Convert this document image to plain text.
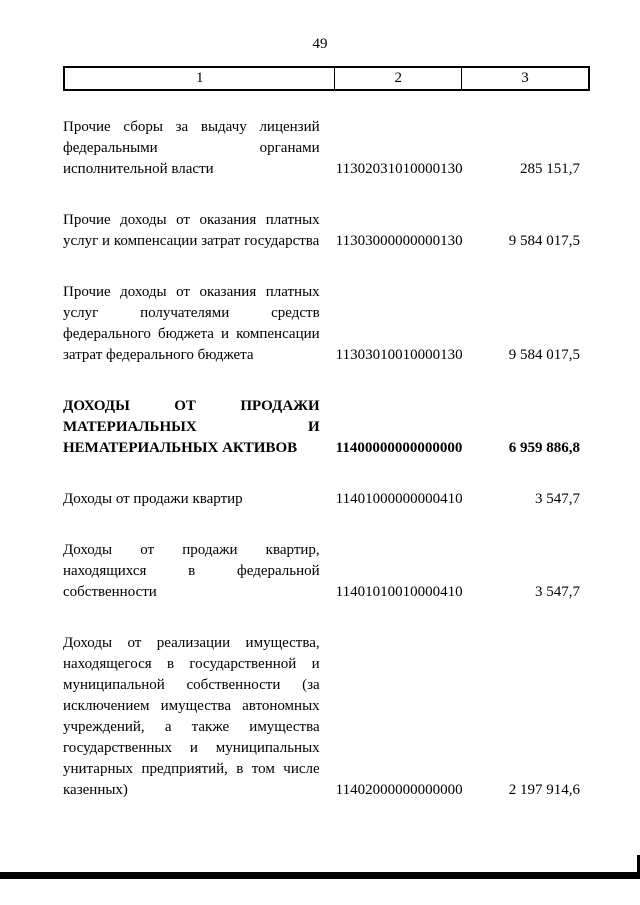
49
1	2	3
Прочие сборы за выдачу лицензий федеральными органами исполнительной власти	11302031010000130	285 151,7
Прочие доходы от оказания платных услуг и компенсации затрат государства	11303000000000130	9 584 017,5
Прочие доходы от оказания платных услуг получателями средств федерального бюджета и компенсации затрат федерального бюджета	11303010010000130	9 584 017,5
ДОХОДЫ ОТ ПРОДАЖИ МАТЕРИАЛЬНЫХ И НЕМАТЕРИАЛЬНЫХ АКТИВОВ	11400000000000000	6 959 886,8
Доходы от продажи квартир	11401000000000410	3 547,7
Доходы от продажи квартир, находящихся в федеральной собственности	11401010010000410	3 547,7
Доходы от реализации имущества, находящегося в государственной и муниципальной собственности (за исключением имущества автономных учреждений, а также имущества государственных и муниципальных унитарных предприятий, в том числе казенных)	11402000000000000	2 197 914,6
